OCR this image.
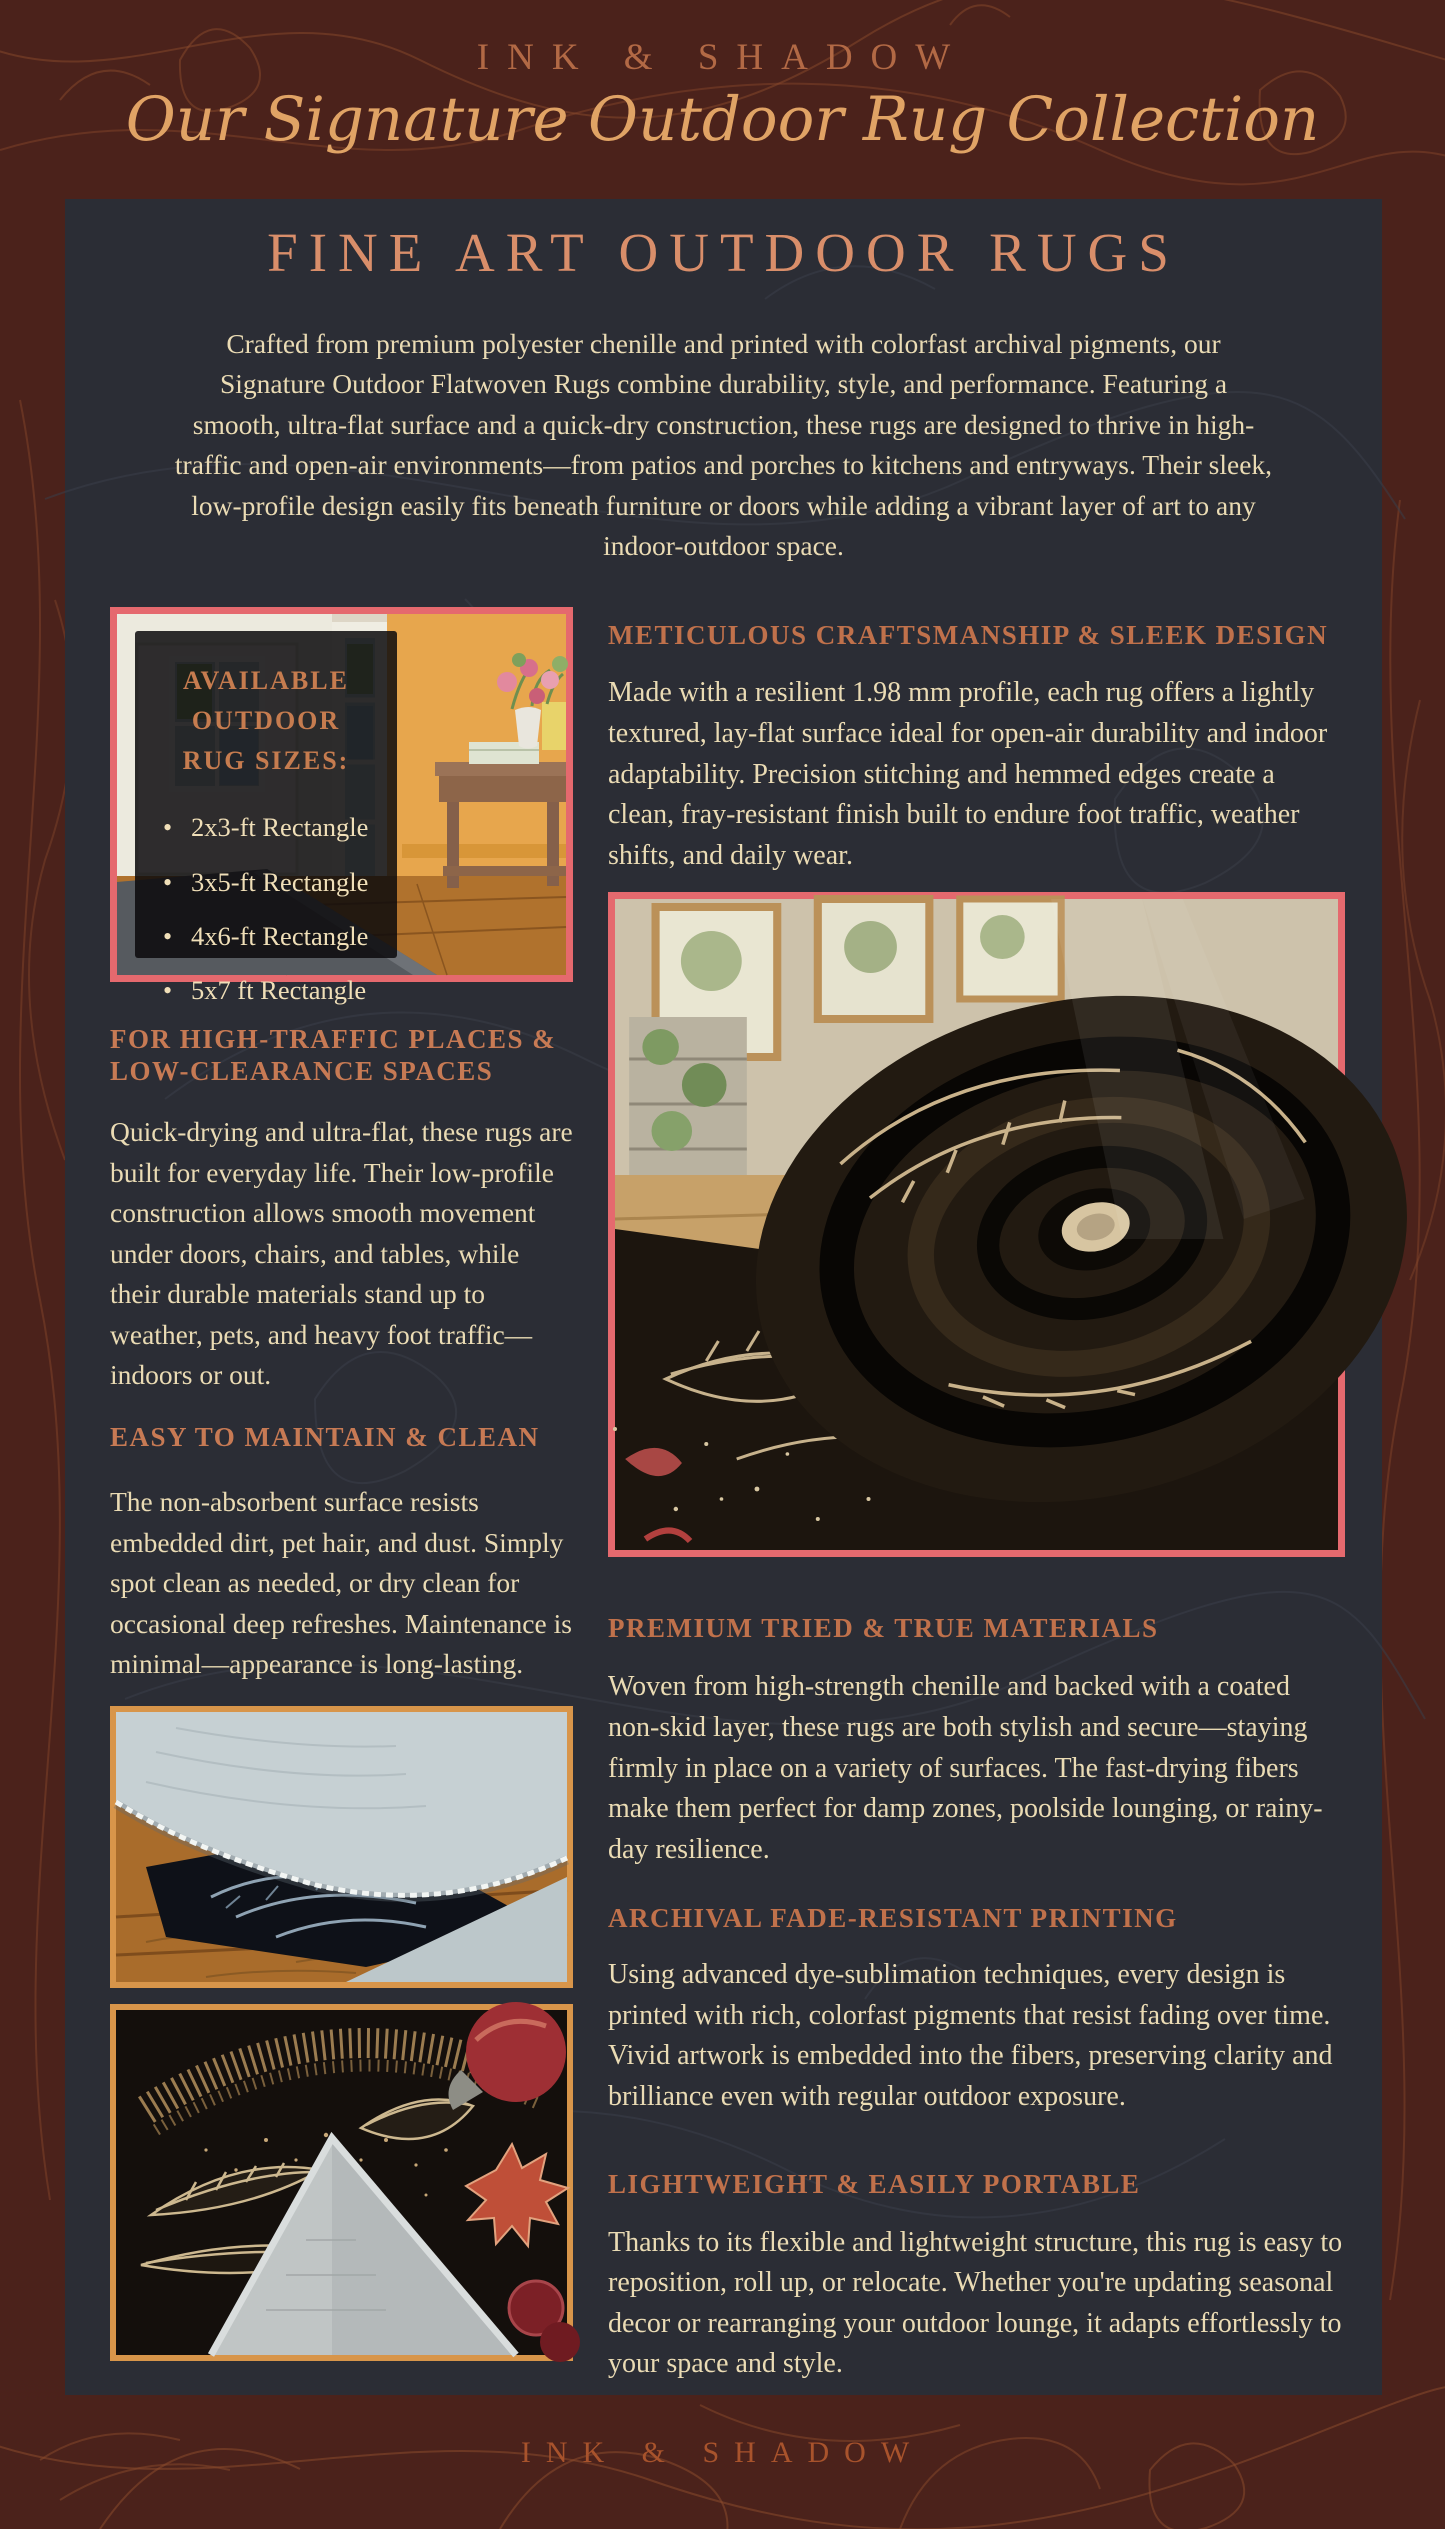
INK & SHADOW
Our Signature Outdoor Rug Collection
FINE ART OUTDOOR RUGS

Crafted from premium polyester chenille and printed with colorfast archival pigments, our Signature Outdoor Flatwoven Rugs combine durability, style, and performance. Featuring a smooth, ultra-flat surface and a quick-dry construction, these rugs are designed to thrive in high-traffic and open-air environments—from patios and porches to kitchens and entryways. Their sleek, low-profile design easily fits beneath furniture or doors while adding a vibrant layer of art to any indoor-outdoor space.

AVAILABLE OUTDOOR RUG SIZES:
• 2x3-ft Rectangle
• 3x5-ft Rectangle
• 4x6-ft Rectangle
• 5x7 ft Rectangle
FOR HIGH-TRAFFIC PLACES & LOW-CLEARANCE SPACES

Quick-drying and ultra-flat, these rugs are built for everyday life. Their low-profile construction allows smooth movement under doors, chairs, and tables, while their durable materials stand up to weather, pets, and heavy foot traffic—indoors or out.

EASY TO MAINTAIN & CLEAN

The non-absorbent surface resists embedded dirt, pet hair, and dust. Simply spot clean as needed, or dry clean for occasional deep refreshes. Maintenance is minimal—appearance is long-lasting.

METICULOUS CRAFTSMANSHIP & SLEEK DESIGN

Made with a resilient 1.98 mm profile, each rug offers a lightly textured, lay-flat surface ideal for open-air durability and indoor adaptability. Precision stitching and hemmed edges create a clean, fray-resistant finish built to endure foot traffic, weather shifts, and daily wear.

PREMIUM TRIED & TRUE MATERIALS

Woven from high-strength chenille and backed with a coated non-skid layer, these rugs are both stylish and secure—staying firmly in place on a variety of surfaces. The fast-drying fibers make them perfect for damp zones, poolside lounging, or rainy-day resilience.

ARCHIVAL FADE-RESISTANT PRINTING

Using advanced dye-sublimation techniques, every design is printed with rich, colorfast pigments that resist fading over time. Vivid artwork is embedded into the fibers, preserving clarity and brilliance even with regular outdoor exposure.

LIGHTWEIGHT & EASILY PORTABLE

Thanks to its flexible and lightweight structure, this rug is easy to reposition, roll up, or relocate. Whether you're updating seasonal decor or rearranging your outdoor lounge, it adapts effortlessly to your space and style.

INK & SHADOW
